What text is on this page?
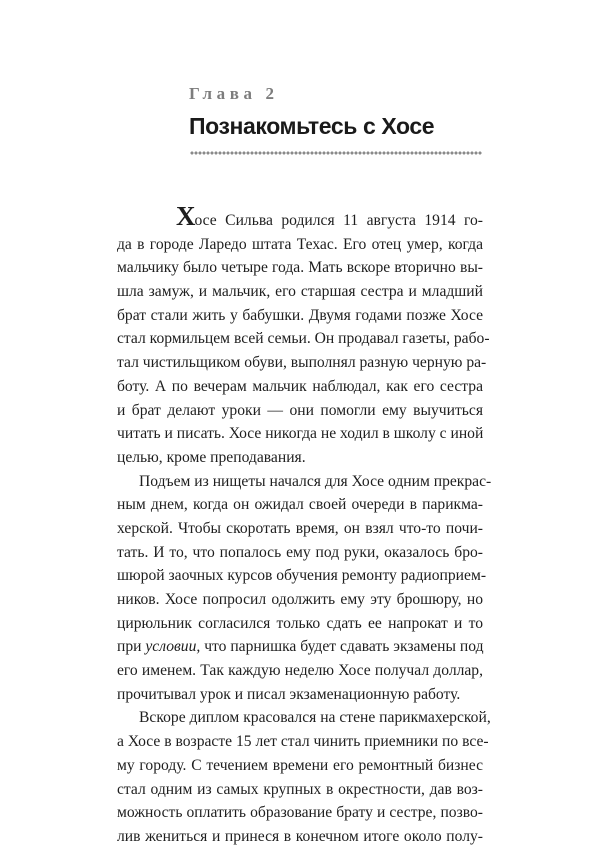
Глава 2
Познакомьтесь с Хосе
Хосе Сильва родился 11 августа 1914 го-
да в городе Ларедо штата Техас. Его отец умер, когда
мальчику было четыре года. Мать вскоре вторично вы-
шла замуж, и мальчик, его старшая сестра и младший
брат стали жить у бабушки. Двумя годами позже Хосе
стал кормильцем всей семьи. Он продавал газеты, рабо-
тал чистильщиком обуви, выполнял разную черную ра-
боту. А по вечерам мальчик наблюдал, как его сестра
и брат делают уроки — они помогли ему выучиться
читать и писать. Хосе никогда не ходил в школу с иной
целью, кроме преподавания.
Подъем из нищеты начался для Хосе одним прекрас-
ным днем, когда он ожидал своей очереди в парикма-
херской. Чтобы скоротать время, он взял что-то почи-
тать. И то, что попалось ему под руки, оказалось бро-
шюрой заочных курсов обучения ремонту радиоприем-
ников. Хосе попросил одолжить ему эту брошюру, но
цирюльник согласился только сдать ее напрокат и то
при условии, что парнишка будет сдавать экзамены под
его именем. Так каждую неделю Хосе получал доллар,
прочитывал урок и писал экзаменационную работу.
Вскоре диплом красовался на стене парикмахерской,
а Хосе в возрасте 15 лет стал чинить приемники по все-
му городу. С течением времени его ремонтный бизнес
стал одним из самых крупных в окрестности, дав воз-
можность оплатить образование брату и сестре, позво-
лив жениться и принеся в конечном итоге около полу-
